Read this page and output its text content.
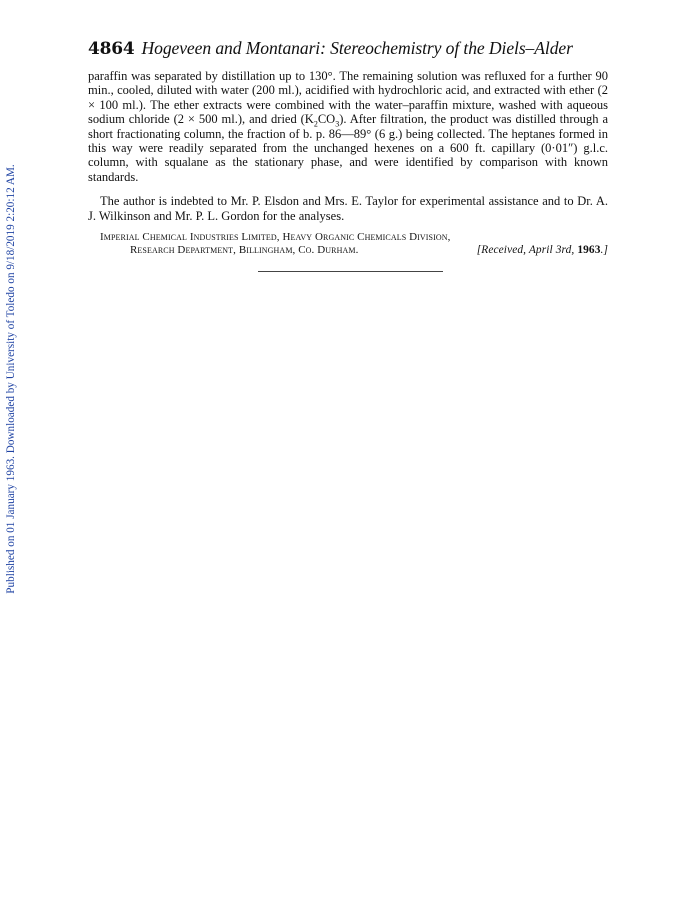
Published on 01 January 1963. Downloaded by University of Toledo on 9/18/2019 2:20:12 AM.
4864 Hogeveen and Montanari: Stereochemistry of the Diels–Alder

paraffin was separated by distillation up to 130°. The remaining solution was refluxed for a further 90 min., cooled, diluted with water (200 ml.), acidified with hydrochloric acid, and extracted with ether (2 × 100 ml.). The ether extracts were combined with the water–paraffin mixture, washed with aqueous sodium chloride (2 × 500 ml.), and dried $(K_2CO_3)$. After filtration, the product was distilled through a short fractionating column, the fraction of b. p. 86—89° (6 g.) being collected. The heptanes formed in this way were readily separated from the unchanged hexenes on a 600 ft. capillary (0·01″) g.l.c. column, with squalane as the stationary phase, and were identified by comparison with known standards.

The author is indebted to Mr. P. Elsdon and Mrs. E. Taylor for experimental assistance and to Dr. A. J. Wilkinson and Mr. P. L. Gordon for the analyses.

Imperial Chemical Industries Limited, Heavy Organic Chemicals Division,
Research Department, Billingham, Co. Durham.	[Received, April 3rd, 1963.]
